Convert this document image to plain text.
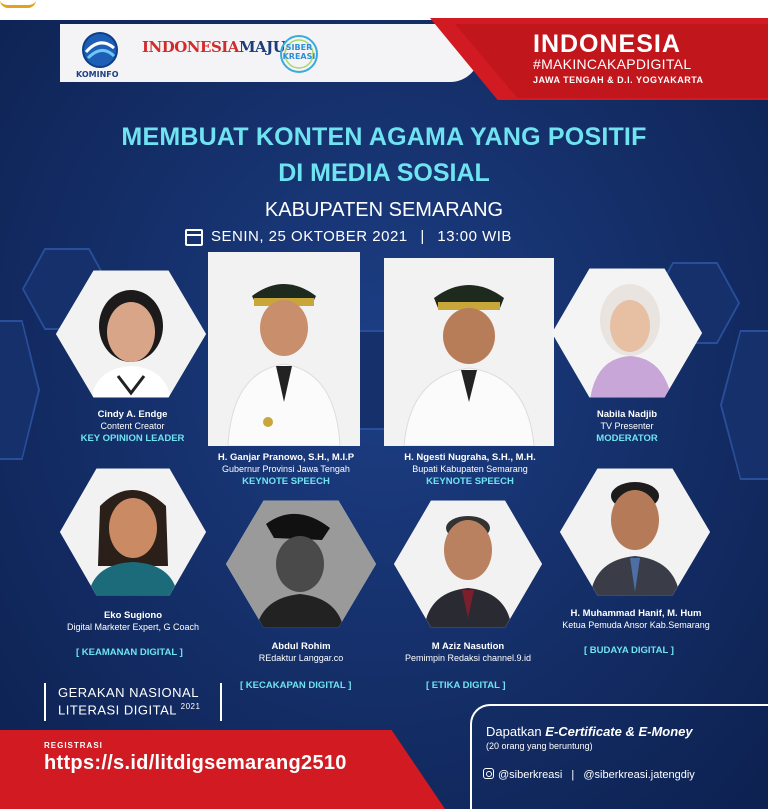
KOMINFO
INDONESIAMAJU SIBER
KREASI	INDONESIA
#MAKINCAKAPDIGITAL
JAWA TENGAH & D.I. YOGYAKARTA
MEMBUAT KONTEN AGAMA YANG POSITIF
DI MEDIA SOSIAL
KABUPATEN SEMARANG
SENIN, 25 OKTOBER 2021 | 13:00 WIB
Cindy A. Endge
Content Creator
KEY OPINION LEADER
H. Ganjar Pranowo, S.H., M.I.P
Gubernur Provinsi Jawa Tengah
KEYNOTE SPEECH
H. Ngesti Nugraha, S.H., M.H.
Bupati Kabupaten Semarang
KEYNOTE SPEECH
Nabila Nadjib
TV Presenter
MODERATOR
Eko Sugiono
Digital Marketer Expert, G Coach
[ KEAMANAN DIGITAL ]
Abdul Rohim
REdaktur Langgar.co
[ KECAKAPAN DIGITAL ]
M Aziz Nasution
Pemimpin Redaksi channel.9.id
[ ETIKA DIGITAL ]
H. Muhammad Hanif, M. Hum
Ketua Pemuda Ansor Kab.Semarang
[ BUDAYA DIGITAL ]
GERAKAN NASIONAL
LITERASI DIGITAL $^{2021}$
REGISTRASI
https://s.id/litdigsemarang2510
Dapatkan E-Certificate & E-Money
(20 orang yang beruntung)
@siberkreasi | @siberkreasi.jatengdiy
